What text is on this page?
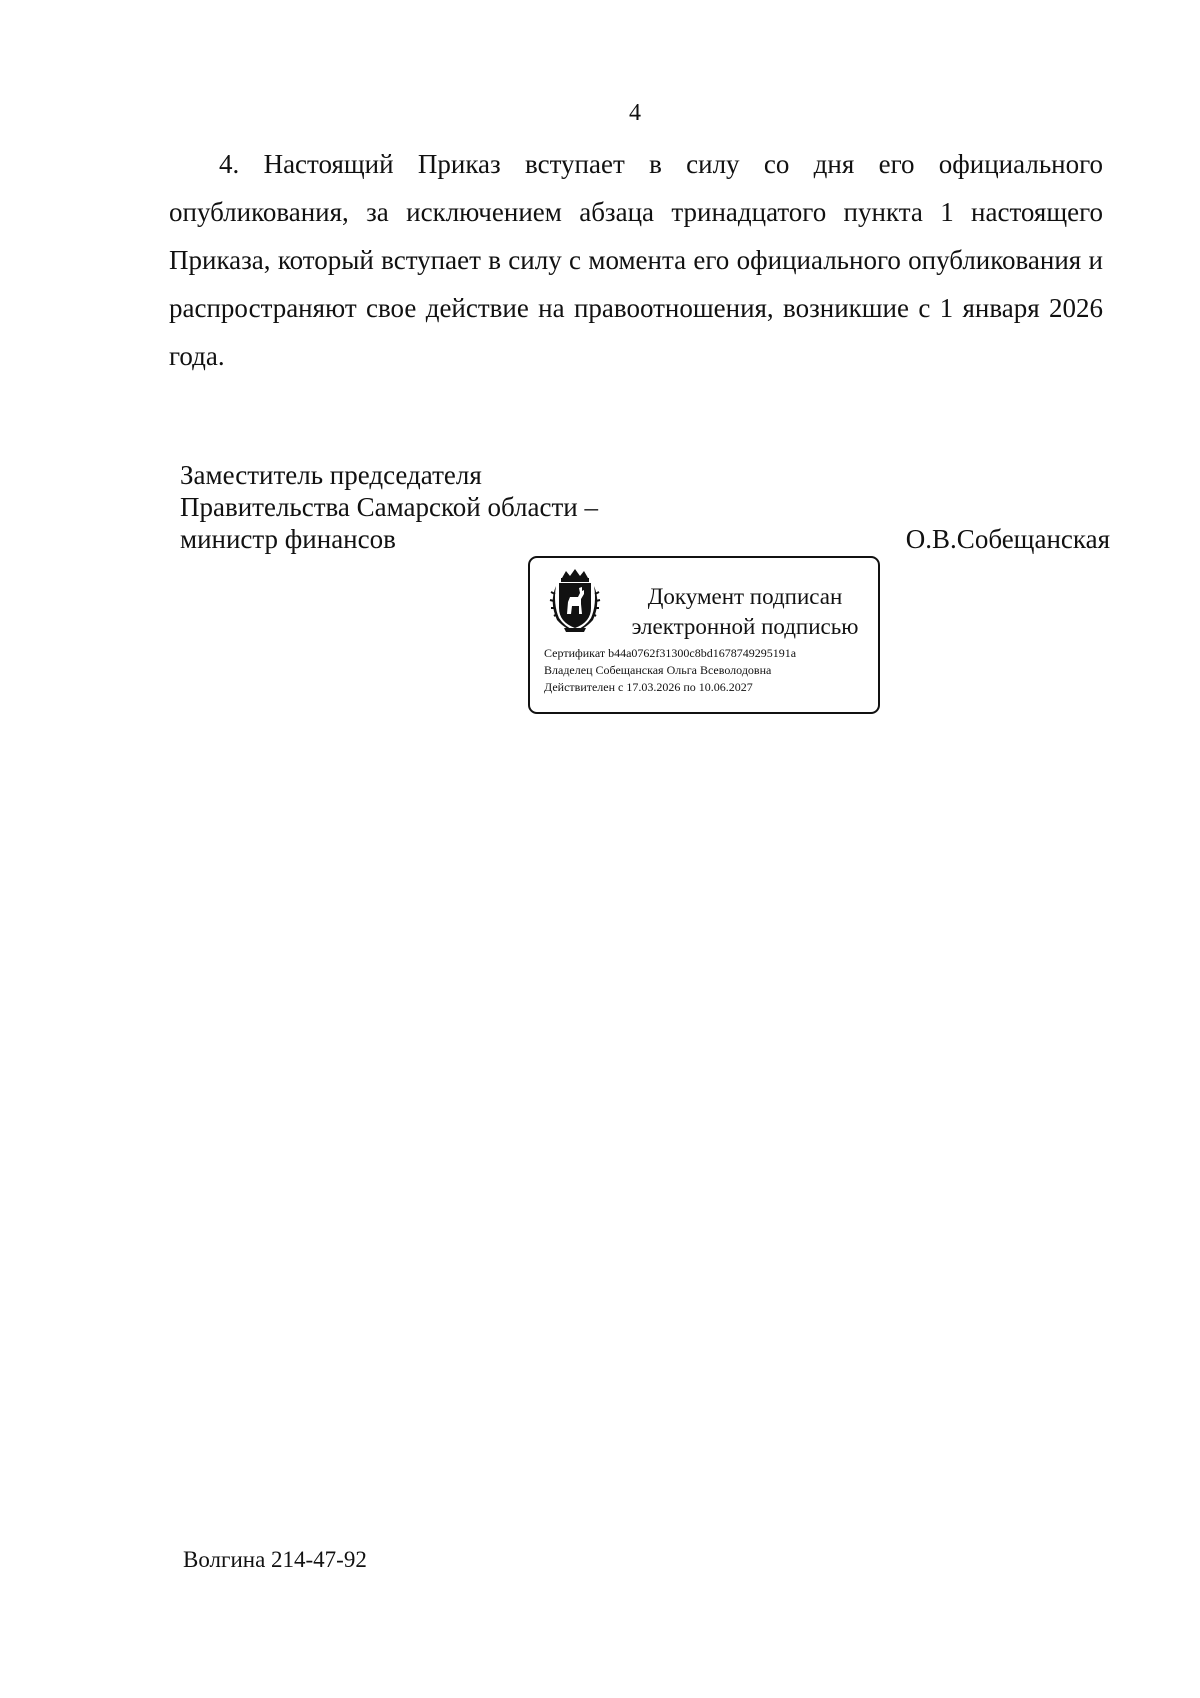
4

4. Настоящий Приказ вступает в силу со дня его официального опубликования, за исключением абзаца тринадцатого пункта 1 настоящего Приказа, который вступает в силу с момента его официального опубликования и распространяют свое действие на правоотношения, возникшие с 1 января 2026 года.

Заместитель председателя
Правительства Самарской области –
министр финансов	О.В.Собещанская
Документ подписан
электронной подписью
Сертификат b44a0762f31300c8bd1678749295191a
Владелец Собещанская Ольга Всеволодовна
Действителен с 17.03.2026 по 10.06.2027
Волгина 214-47-92
